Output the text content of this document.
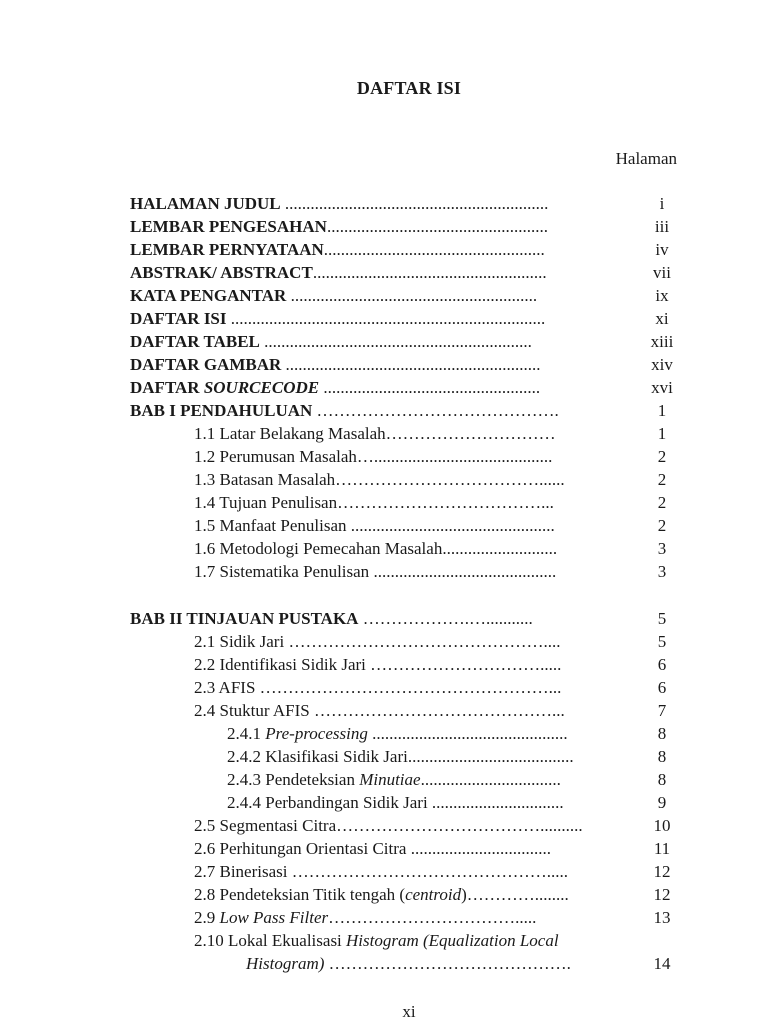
DAFTAR ISI
Halaman
HALAMAN JUDUL ..............................................................	i
LEMBAR PENGESAHAN....................................................	iii
LEMBAR PERNYATAAN....................................................	iv
ABSTRAK/ ABSTRACT.......................................................	vii
KATA PENGANTAR ..........................................................	ix
DAFTAR ISI ..........................................................................	xi
DAFTAR TABEL ...............................................................	xiii
DAFTAR GAMBAR ............................................................	xiv
DAFTAR SOURCECODE ...................................................	xvi
BAB I PENDAHULUAN …………………………………….	1
1.1 Latar Belakang Masalah…………………………	1
1.2 Perumusan Masalah…..........................................	2
1.3 Batasan Masalah………………………………......	2
1.4 Tujuan Penulisan………………………………...	2
1.5 Manfaat Penulisan ................................................	2
1.6 Metodologi Pemecahan Masalah...........................	3
1.7 Sistematika Penulisan ...........................................	3
BAB II TINJAUAN PUSTAKA ……………….…...........	5
2.1 Sidik Jari ………………………………………....	5
2.2 Identifikasi Sidik Jari ………………………….....	6
2.3 AFIS ……………………………………………...	6
2.4 Stuktur AFIS ……………………………………...	7
2.4.1 Pre-processing ..............................................	8
2.4.2 Klasifikasi Sidik Jari.......................................	8
2.4.3 Pendeteksian Minutiae.................................	8
2.4.4 Perbandingan Sidik Jari ...............................	9
2.5 Segmentasi Citra………………………………..........	10
2.6 Perhitungan Orientasi Citra .................................	11
2.7 Binerisasi ……………………………………….....	12
2.8 Pendeteksian Titik tengah (centroid)…………........	12
2.9 Low Pass Filter…………………………….....	13
2.10 Lokal Ekualisasi Histogram (Equalization Local
Histogram) …………………………………….	14
xi
